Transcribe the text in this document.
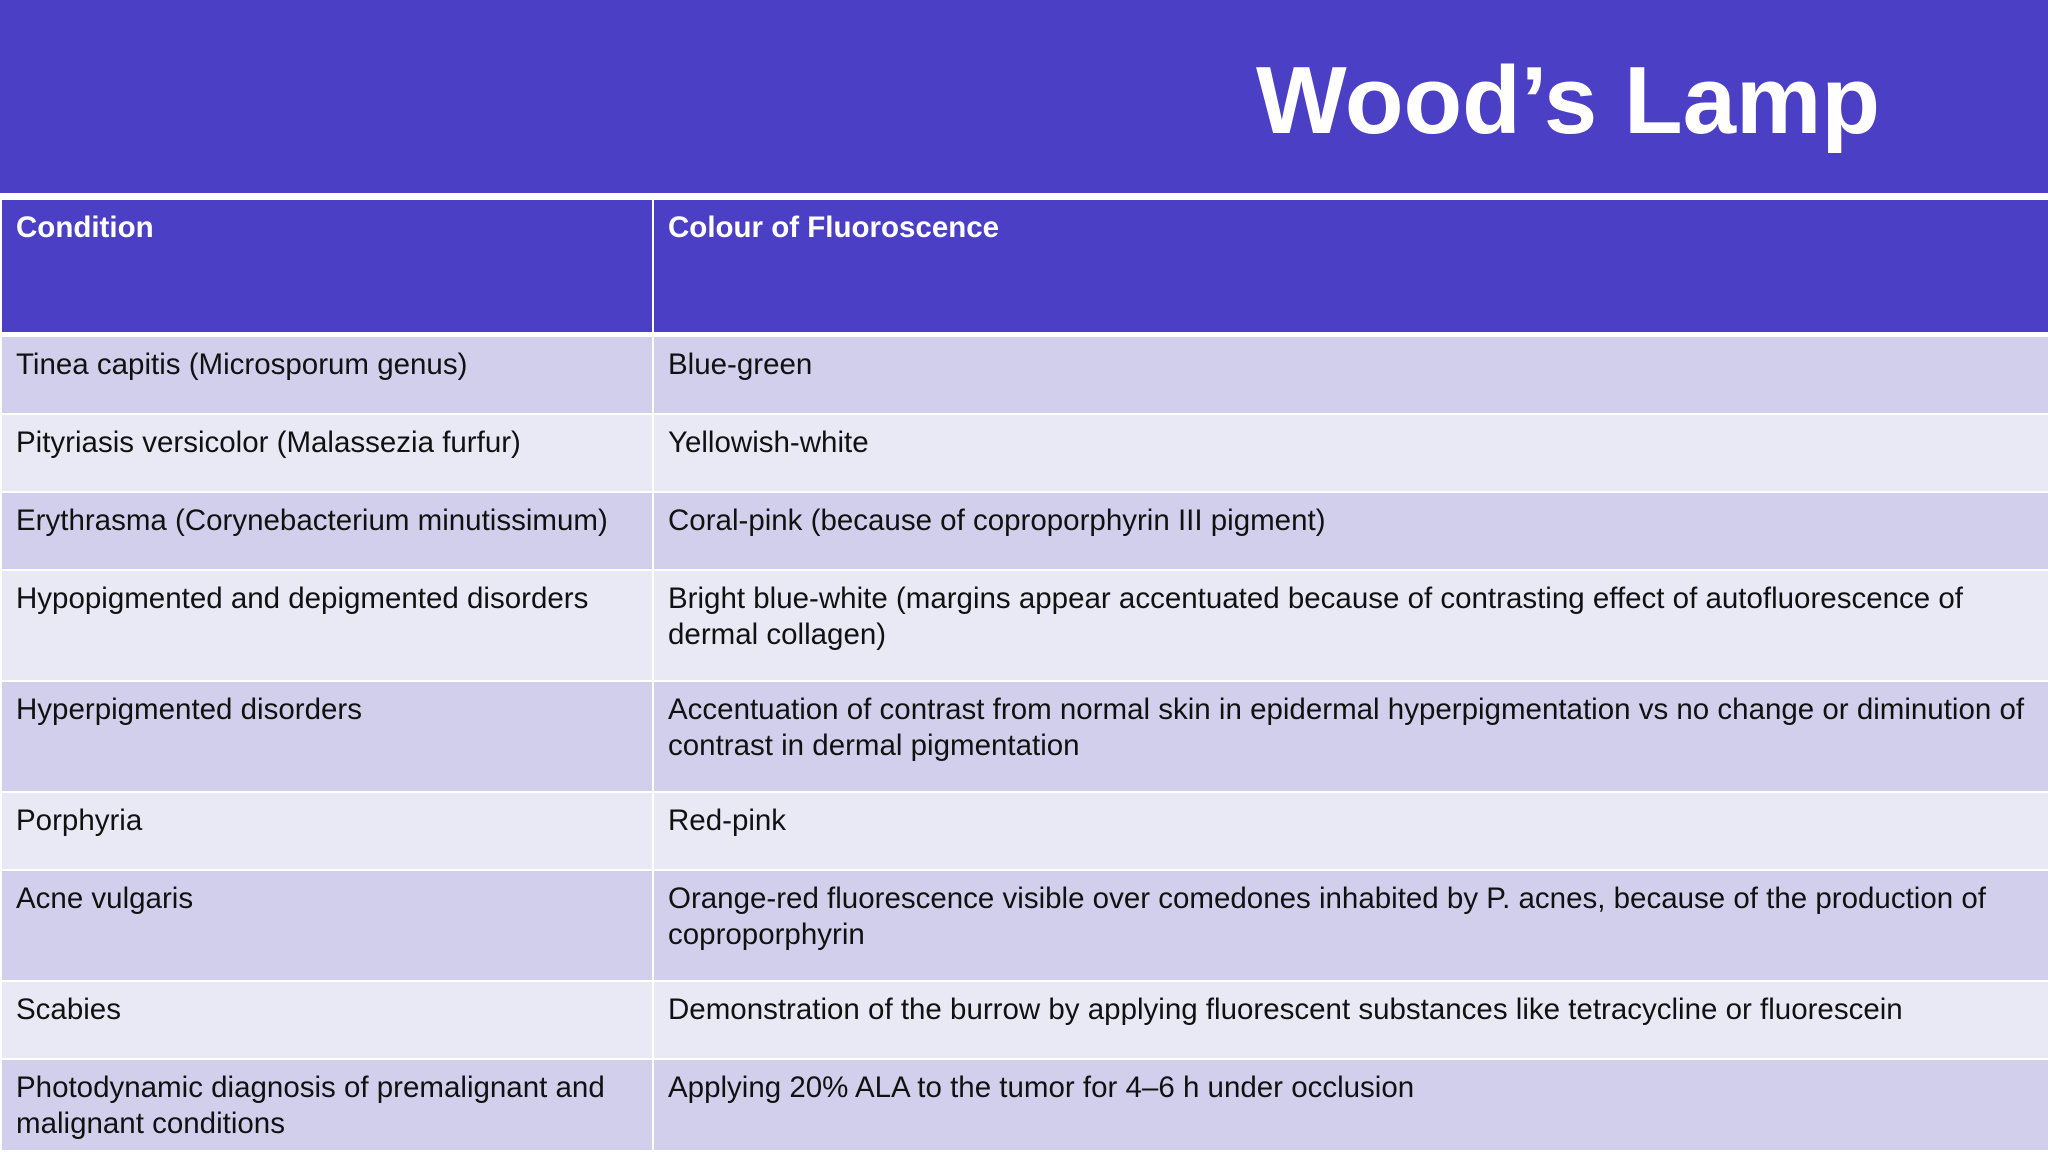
Wood’s Lamp
Condition	Colour of Fluoroscence
Tinea capitis (Microsporum genus)	Blue-green
Pityriasis versicolor (Malassezia furfur)	Yellowish-white
Erythrasma (Corynebacterium minutissimum)	Coral-pink (because of coproporphyrin III pigment)
Hypopigmented and depigmented disorders	Bright blue-white (margins appear accentuated because of contrasting effect of autofluorescence of dermal collagen)
Hyperpigmented disorders	Accentuation of contrast from normal skin in epidermal hyperpigmentation vs no change or diminution of contrast in dermal pigmentation
Porphyria	Red-pink
Acne vulgaris	Orange-red fluorescence visible over comedones inhabited by P. acnes, because of the production of coproporphyrin
Scabies	Demonstration of the burrow by applying fluorescent substances like tetracycline or fluorescein
Photodynamic diagnosis of premalignant and malignant conditions	Applying 20% ALA to the tumor for 4–6 h under occlusion
